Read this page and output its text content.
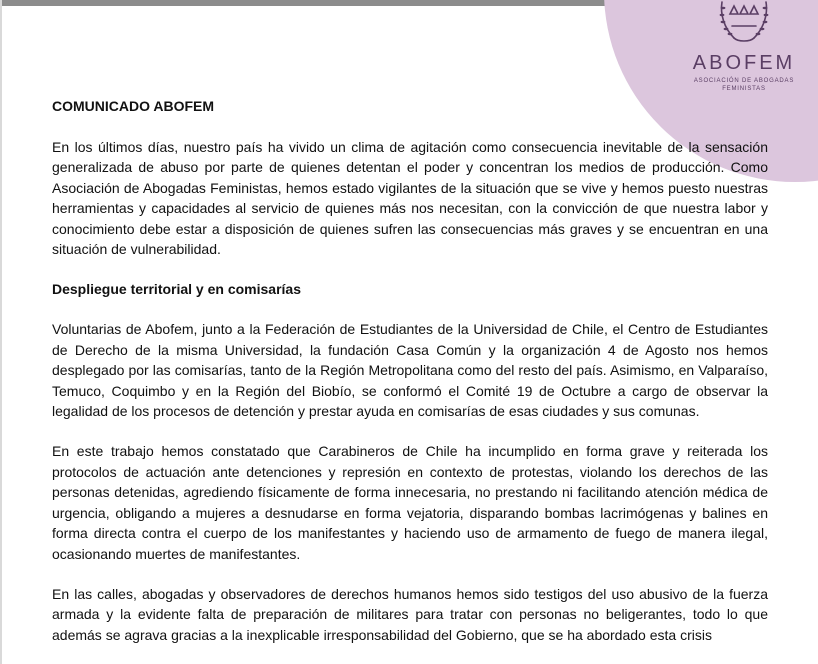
ABOFEM
ASOCIACIÓN DE ABOGADAS
FEMINISTAS
COMUNICADO ABOFEM

En los últimos días, nuestro país ha vivido un clima de agitación como consecuencia inevitable de la sensación generalizada de abuso por parte de quienes detentan el poder y concentran los medios de producción. Como Asociación de Abogadas Feministas, hemos estado vigilantes de la situación que se vive y hemos puesto nuestras herramientas y capacidades al servicio de quienes más nos necesitan, con la convicción de que nuestra labor y conocimiento debe estar a disposición de quienes sufren las consecuencias más graves y se encuentran en una situación de vulnerabilidad.

Despliegue territorial y en comisarías

Voluntarias de Abofem, junto a la Federación de Estudiantes de la Universidad de Chile, el Centro de Estudiantes de Derecho de la misma Universidad, la fundación Casa Común y la organización 4 de Agosto nos hemos desplegado por las comisarías, tanto de la Región Metropolitana como del resto del país. Asimismo, en Valparaíso, Temuco, Coquimbo y en la Región del Biobío, se conformó el Comité 19 de Octubre a cargo de observar la legalidad de los procesos de detención y prestar ayuda en comisarías de esas ciudades y sus comunas.

En este trabajo hemos constatado que Carabineros de Chile ha incumplido en forma grave y reiterada los protocolos de actuación ante detenciones y represión en contexto de protestas, violando los derechos de las personas detenidas, agrediendo físicamente de forma innecesaria, no prestando ni facilitando atención médica de urgencia, obligando a mujeres a desnudarse en forma vejatoria, disparando bombas lacrimógenas y balines en forma directa contra el cuerpo de los manifestantes y haciendo uso de armamento de fuego de manera ilegal, ocasionando muertes de manifestantes.

En las calles, abogadas y observadores de derechos humanos hemos sido testigos del uso abusivo de la fuerza armada y la evidente falta de preparación de militares para tratar con personas no beligerantes, todo lo que además se agrava gracias a la inexplicable irresponsabilidad del Gobierno, que se ha abordado esta crisis
